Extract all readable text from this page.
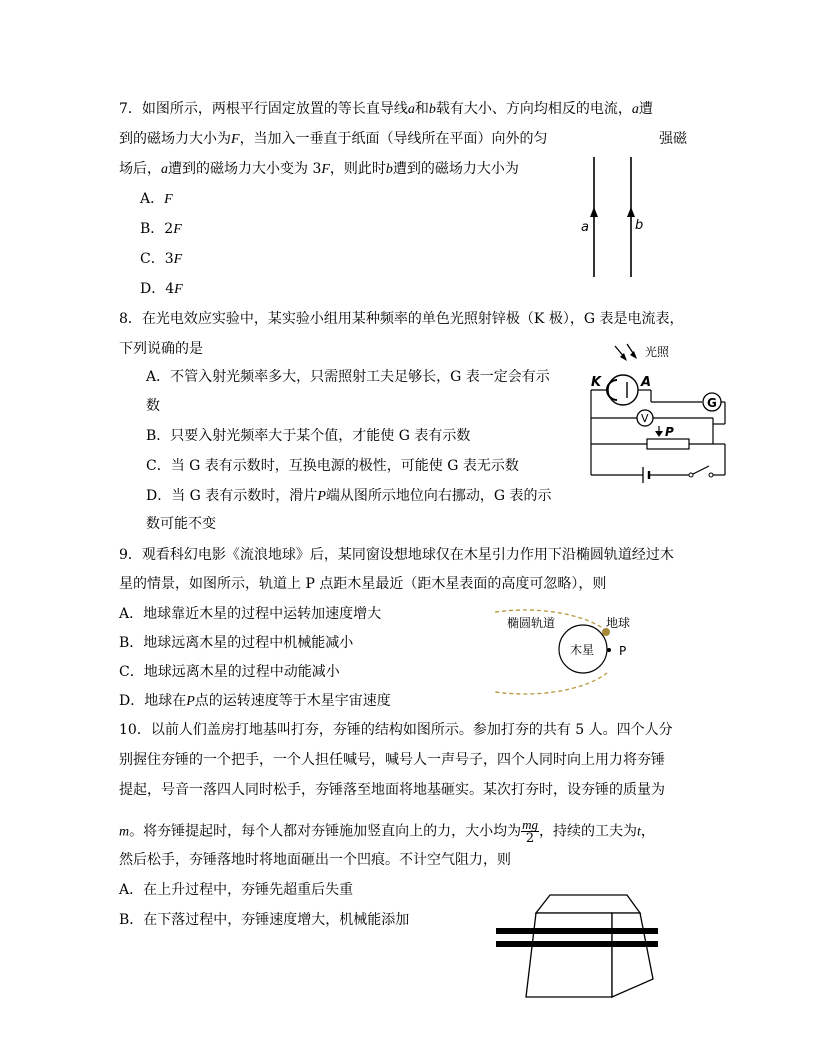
7．如图所示，两根平行固定放置的等长直导线a和b载有大小、方向均相反的电流，a遭
到的磁场力大小为F，当加入一垂直于纸面（导线所在平面）向外的匀	强磁
场后，a遭到的磁场力大小变为 3F，则此时b遭到的磁场力大小为
A．F
B．2F
C．3F
D．4F
a	b
8．在光电效应实验中，某实验小组用某种频率的单色光照射锌极（K 极），G 表是电流表，
下列说确的是
A．不管入射光频率多大，只需照射工夫足够长，G 表一定会有示
数
B．只要入射光频率大于某个值，才能使 G 表有示数
C．当 G 表有示数时，互换电源的极性，可能使 G 表无示数
D．当 G 表有示数时，滑片P端从图所示地位向右挪动，G 表的示
数可能不变
光照
K	A
G
V
P
9．观看科幻电影《流浪地球》后，某同窗设想地球仅在木星引力作用下沿椭圆轨道经过木
星的情景，如图所示，轨道上 P 点距木星最近（距木星表面的高度可忽略），则
A．地球靠近木星的过程中运转加速度增大
B．地球远离木星的过程中机械能减小
C．地球远离木星的过程中动能减小
D．地球在P点的运转速度等于木星宇宙速度
椭圆轨道
木星
地球
P
10．以前人们盖房打地基叫打夯，夯锤的结构如图所示。参加打夯的共有 5 人。四个人分
别握住夯锤的一个把手，一个人担任喊号，喊号人一声号子，四个人同时向上用力将夯锤
提起，号音一落四人同时松手，夯锤落至地面将地基砸实。某次打夯时，设夯锤的质量为
m。将夯锤提起时，每个人都对夯锤施加竖直向上的力，大小均为 $\frac{mg}{2}$ ，持续的工夫为t，
然后松手，夯锤落地时将地面砸出一个凹痕。不计空气阻力，则
A．在上升过程中，夯锤先超重后失重
B．在下落过程中，夯锤速度增大，机械能添加
